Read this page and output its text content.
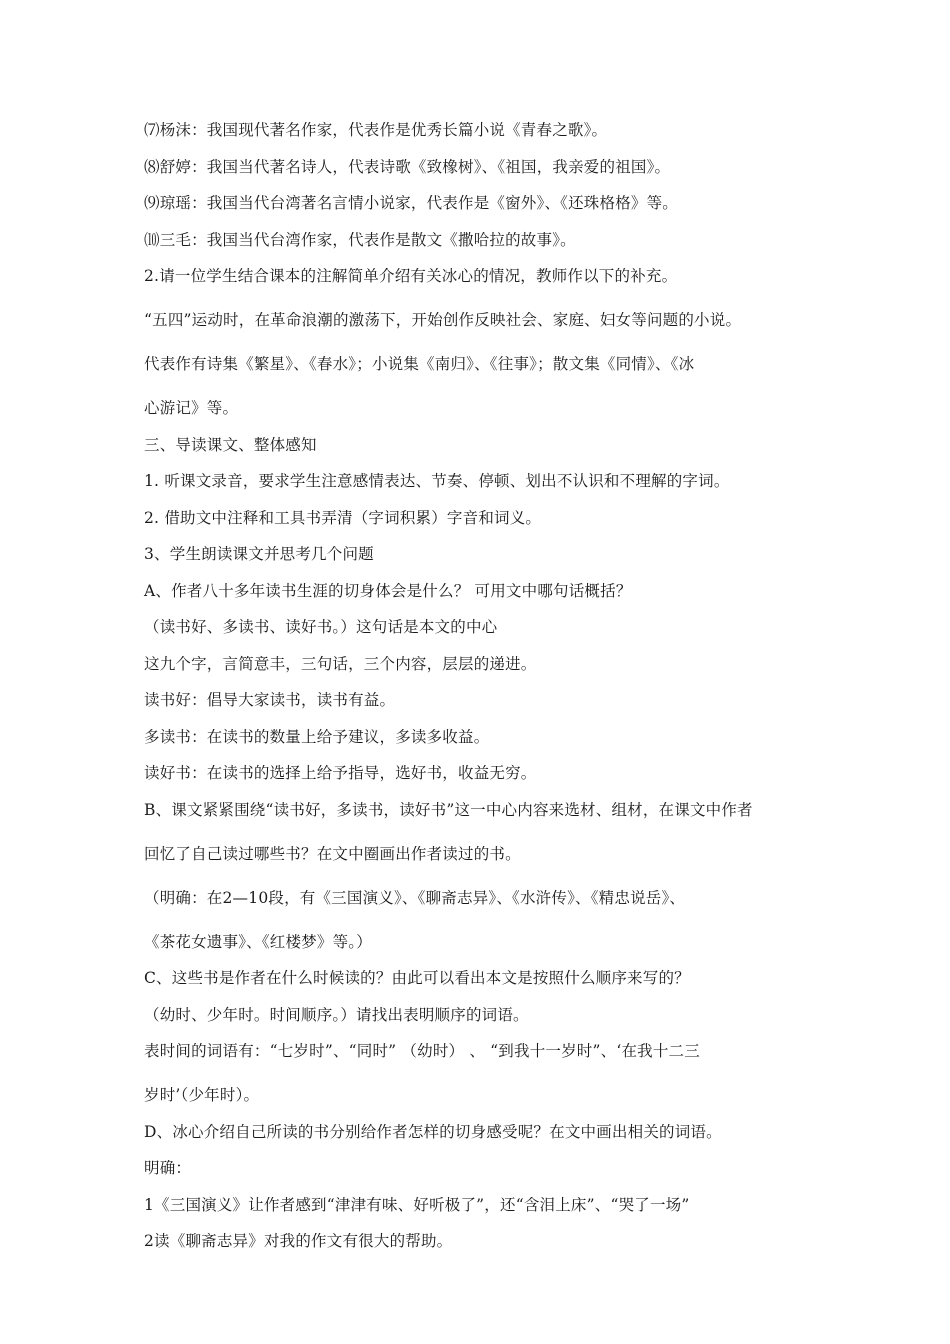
⑺杨沫：我国现代著名作家，代表作是优秀长篇小说《青春之歌》。
⑻舒婷：我国当代著名诗人，代表诗歌《致橡树》、《祖国，我亲爱的祖国》。
⑼琼瑶：我国当代台湾著名言情小说家，代表作是《窗外》、《还珠格格》等。
⑽三毛：我国当代台湾作家，代表作是散文《撒哈拉的故事》。
2.请一位学生结合课本的注解简单介绍有关冰心的情况，教师作以下的补充。
“五四”运动时，在革命浪潮的激荡下，开始创作反映社会、家庭、妇女等问题的小说。
代表作有诗集《繁星》、《春水》；小说集《南归》、《往事》；散文集《同情》、《冰
心游记》等。
三、导读课文、整体感知
1. 听课文录音，要求学生注意感情表达、节奏、停顿、划出不认识和不理解的字词。
2. 借助文中注释和工具书弄清（字词积累）字音和词义。
3、学生朗读课文并思考几个问题
A、作者八十多年读书生涯的切身体会是什么？ 可用文中哪句话概括？
（读书好、多读书、读好书。）这句话是本文的中心
这九个字，言简意丰，三句话，三个内容，层层的递进。
读书好：倡导大家读书，读书有益。
多读书：在读书的数量上给予建议，多读多收益。
读好书：在读书的选择上给予指导，选好书，收益无穷。
B、课文紧紧围绕“读书好，多读书，读好书”这一中心内容来选材、组材，在课文中作者
回忆了自己读过哪些书？在文中圈画出作者读过的书。
（明确：在2—10段，有《三国演义》、《聊斋志异》、《水浒传》、《精忠说岳》、
《茶花女遗事》、《红楼梦》等。）
C、这些书是作者在什么时候读的？由此可以看出本文是按照什么顺序来写的？
（幼时、少年时。时间顺序。）请找出表明顺序的词语。
表时间的词语有：“七岁时”、“同时” （幼时） 、 “到我十一岁时”、‘在我十二三
岁时’（少年时）。
D、冰心介绍自己所读的书分别给作者怎样的切身感受呢？在文中画出相关的词语。
明确：
1《三国演义》让作者感到“津津有味、好听极了”，还“含泪上床”、“哭了一场”
2读《聊斋志异》对我的作文有很大的帮助。
